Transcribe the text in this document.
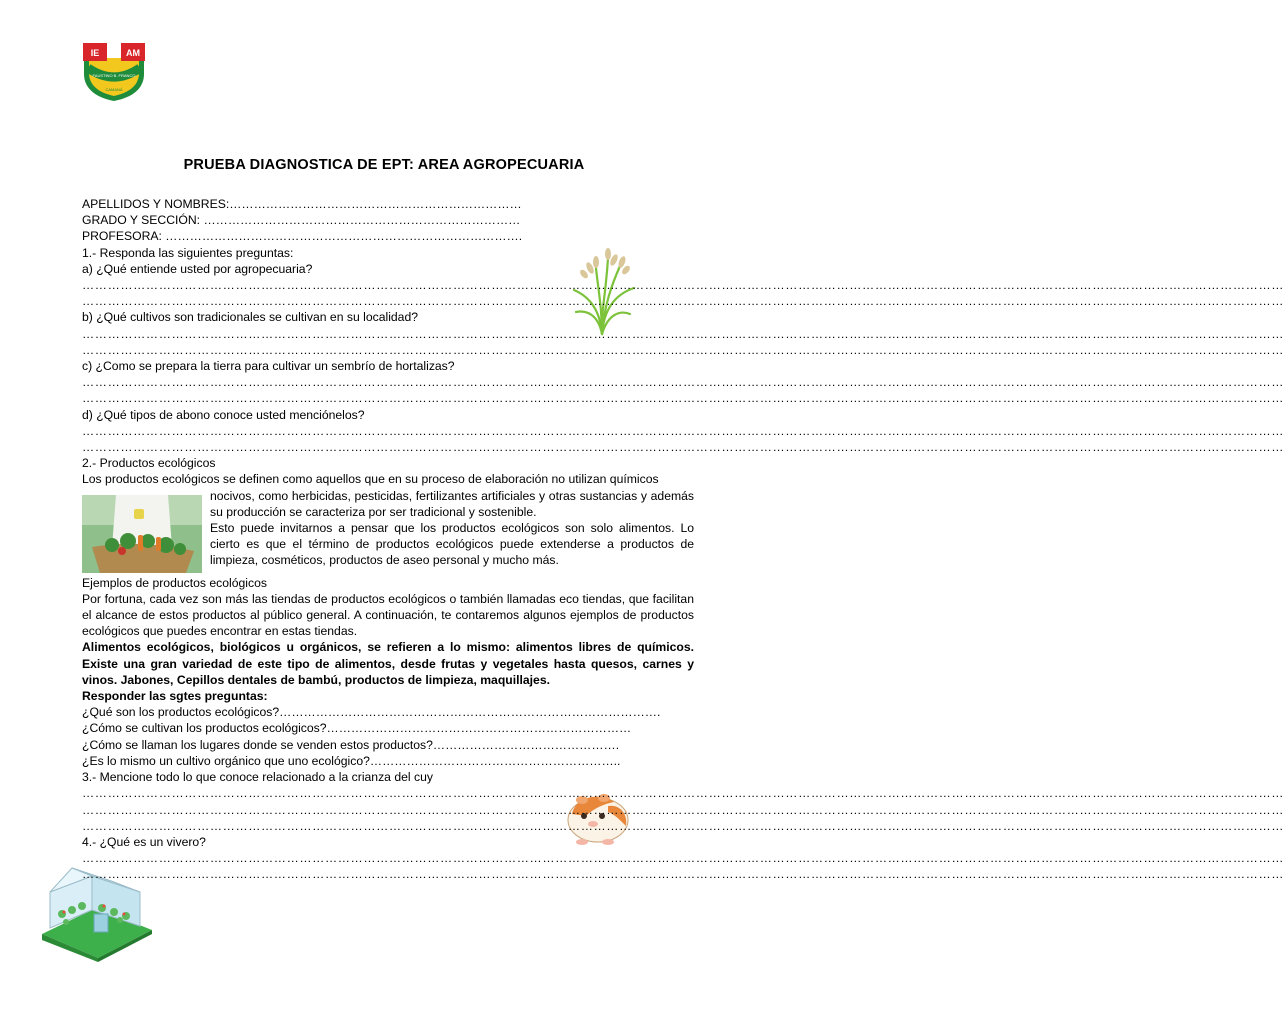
IE	AM
FAUSTINO B. FRANCO
CAMANÁ
PRUEBA DIAGNOSTICA DE EPT: AREA AGROPECUARIA
APELLIDOS Y NOMBRES:………………………………………………………………
GRADO Y SECCIÓN: ……………………………………………………………………
PROFESORA: …………………………………………………………………………….
1.- Responda las siguientes preguntas:
a) ¿Qué entiende usted por agropecuaria?
…………………………………………………………………………………………………………………………………………………………………………………………………………………………………………………………
…………………………………………………………………………………………………………………………………………………………………………………………………………………………………………………………
b) ¿Qué cultivos son tradicionales se cultivan en su localidad?
…………………………………………………………………………………………………………………………………………………………………………………………………………………………………………………………
…………………………………………………………………………………………………………………………………………………………………………………………………………………………………………………………
c) ¿Como se prepara la tierra para cultivar un sembrío de hortalizas?
…………………………………………………………………………………………………………………………………………………………………………………………………………………………………………………………
…………………………………………………………………………………………………………………………………………………………………………………………………………………………………………………………
d) ¿Qué tipos de abono conoce usted menciónelos?
…………………………………………………………………………………………………………………………………………………………………………………………………………………………………………………………
…………………………………………………………………………………………………………………………………………………………………………………………………………………………………………………………
2.- Productos ecológicos
Los productos ecológicos se definen como aquellos que en su proceso de elaboración no utilizan químicos
nocivos, como herbicidas, pesticidas, fertilizantes artificiales y otras sustancias y además su producción se caracteriza por ser tradicional y sostenible.
Esto puede invitarnos a pensar que los productos ecológicos son solo alimentos. Lo cierto es que el término de productos ecológicos puede extenderse a productos de limpieza, cosméticos, productos de aseo personal y mucho más.
Ejemplos de productos ecológicos
Por fortuna, cada vez son más las tiendas de productos ecológicos o también llamadas eco tiendas, que facilitan el alcance de estos productos al público general. A continuación, te contaremos algunos ejemplos de productos ecológicos que puedes encontrar en estas tiendas.
Alimentos ecológicos, biológicos u orgánicos, se refieren a lo mismo: alimentos libres de químicos. Existe una gran variedad de este tipo de alimentos, desde frutas y vegetales hasta quesos, carnes y vinos. Jabones, Cepillos dentales de bambú, productos de limpieza, maquillajes.
Responder las sgtes preguntas:
¿Qué son los productos ecológicos?………………………………………………………………………………….
¿Cómo se cultivan los productos ecológicos?…………………………………………………………………
¿Cómo se llaman los lugares donde se venden estos productos?……………………………………….
¿Es lo mismo un cultivo orgánico que uno ecológico?……………………………………………………..
3.- Mencione todo lo que conoce relacionado a la crianza del cuy
…………………………………………………………………………………………………………………………………………………………………………………………………………………………………………………………
…………………………………………………………………………………………………………………………………………………………………………………………………………………………………………………………
…………………………………………………………………………………………………………………………………………………………………………………………………………………………………………………………
4.- ¿Qué es un vivero?
…………………………………………………………………………………………………………………………………………………………………………………………………………………………………………………………
…………………………………………………………………………………………………………………………………………………………………………………………………………………………………………………………
